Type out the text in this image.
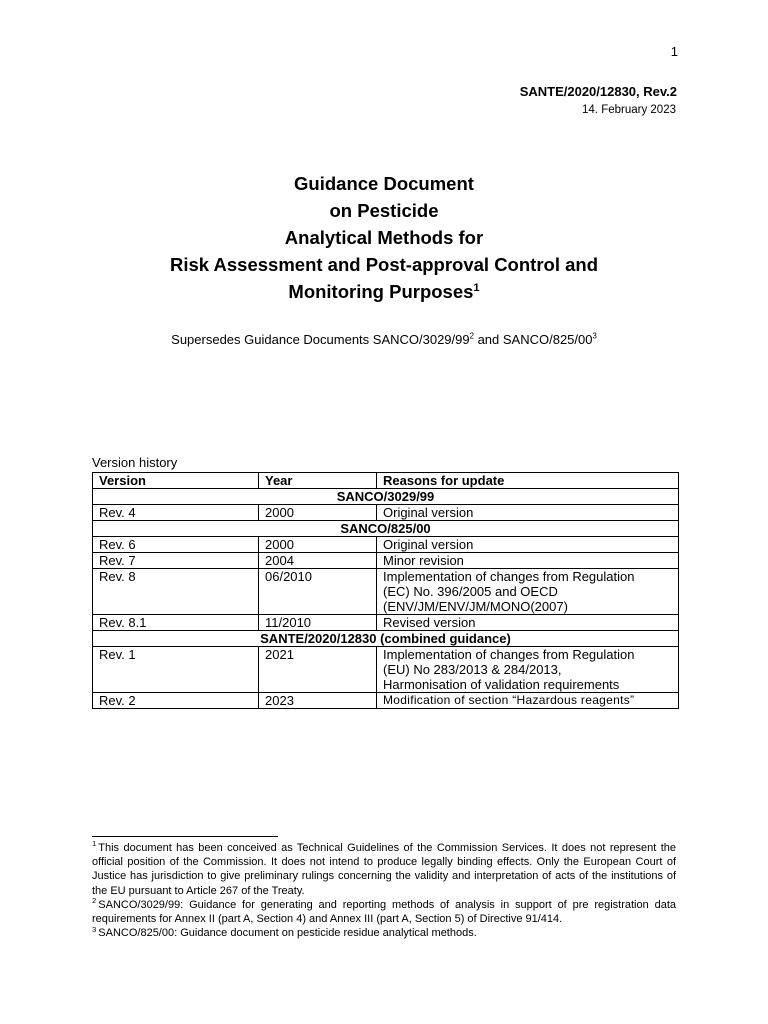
1
SANTE/2020/12830, Rev.2
14. February 2023
Guidance Document
on Pesticide
Analytical Methods for
Risk Assessment and Post-approval Control and
Monitoring Purposes$^1$
Supersedes Guidance Documents SANCO/$3029/99^2$ and SANCO/$825/00^3$
Version history
Version	Year	Reasons for update
SANCO/3029/99		
Rev. 4	2000	Original version
SANCO/825/00		
Rev. 6	2000	Original version
Rev. 7	2004	Minor revision
Rev. 8	06/2010	Implementation of changes from Regulation
(EC) No. 396/2005 and OECD
(ENV/JM/ENV/JM/MONO(2007)

Rev. 8.1	11/2010	Revised version
SANTE/2020/12830 (combined guidance)		
Rev. 1	2021	Implementation of changes from Regulation
(EU) No 283/2013 & 284/2013,
Harmonisation of validation requirements

Rev. 2	2023	Modification of section “Hazardous reagents”

$^1$ This document has been conceived as Technical Guidelines of the Commission Services. It does not represent the official position of the Commission. It does not intend to produce legally binding effects. Only the European Court of Justice has jurisdiction to give preliminary rulings concerning the validity and interpretation of acts of the institutions of the EU pursuant to Article 267 of the Treaty.

$^2$ SANCO/3029/99: Guidance for generating and reporting methods of analysis in support of pre registration data requirements for Annex II (part A, Section 4) and Annex III (part A, Section 5) of Directive 91/414.

$^3$ SANCO/825/00: Guidance document on pesticide residue analytical methods.
